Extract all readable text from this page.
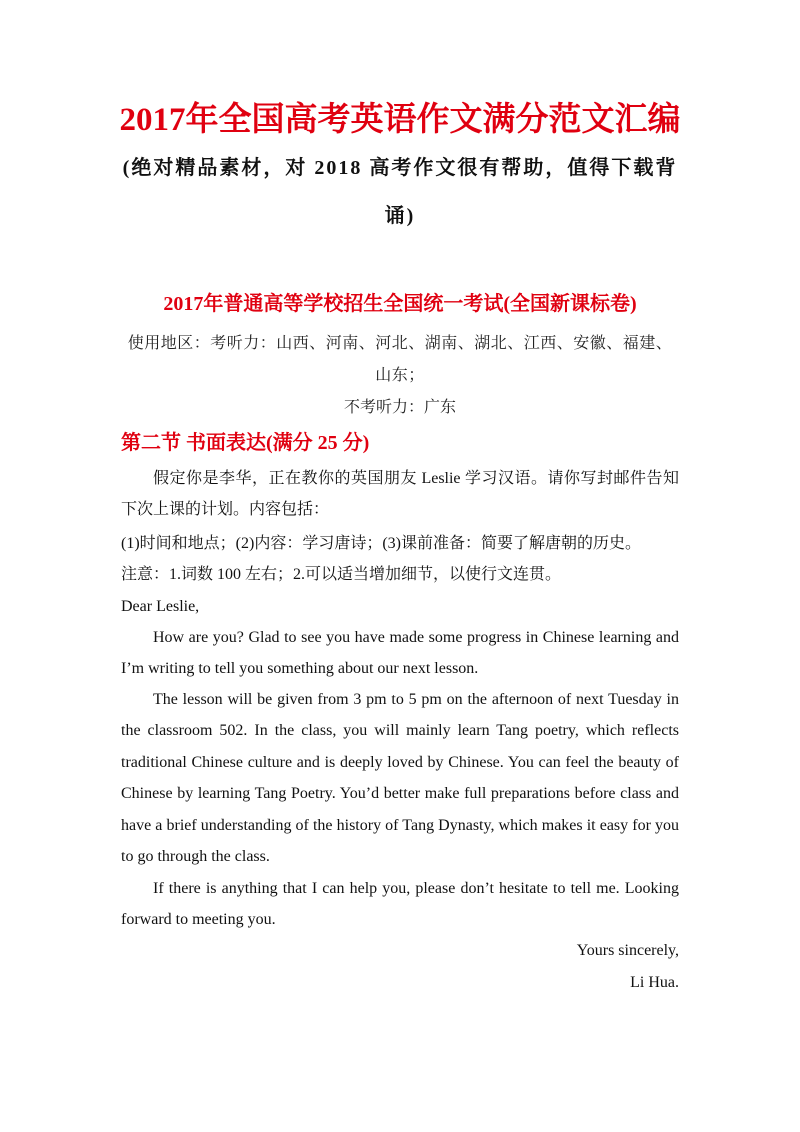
2017年全国高考英语作文满分范文汇编
(绝对精品素材，对 2018 高考作文很有帮助，值得下载背诵)
2017年普通高等学校招生全国统一考试(全国新课标卷)
使用地区：考听力：山西、河南、河北、湖南、湖北、江西、安徽、福建、山东；
不考听力：广东
第二节 书面表达(满分 25 分)

假定你是李华，正在教你的英国朋友 Leslie 学习汉语。请你写封邮件告知下次上课的计划。内容包括：

(1)时间和地点；(2)内容：学习唐诗；(3)课前准备：简要了解唐朝的历史。

注意：1.词数 100 左右；2.可以适当增加细节，以使行文连贯。

Dear Leslie,

How are you? Glad to see you have made some progress in Chinese learning and I’m writing to tell you something about our next lesson.

The lesson will be given from 3 pm to 5 pm on the afternoon of next Tuesday in the classroom 502. In the class, you will mainly learn Tang poetry, which reflects traditional Chinese culture and is deeply loved by Chinese. You can feel the beauty of Chinese by learning Tang Poetry. You’d better make full preparations before class and have a brief understanding of the history of Tang Dynasty, which makes it easy for you to go through the class.

If there is anything that I can help you, please don’t hesitate to tell me. Looking forward to meeting you.

Yours sincerely,
Li Hua.
